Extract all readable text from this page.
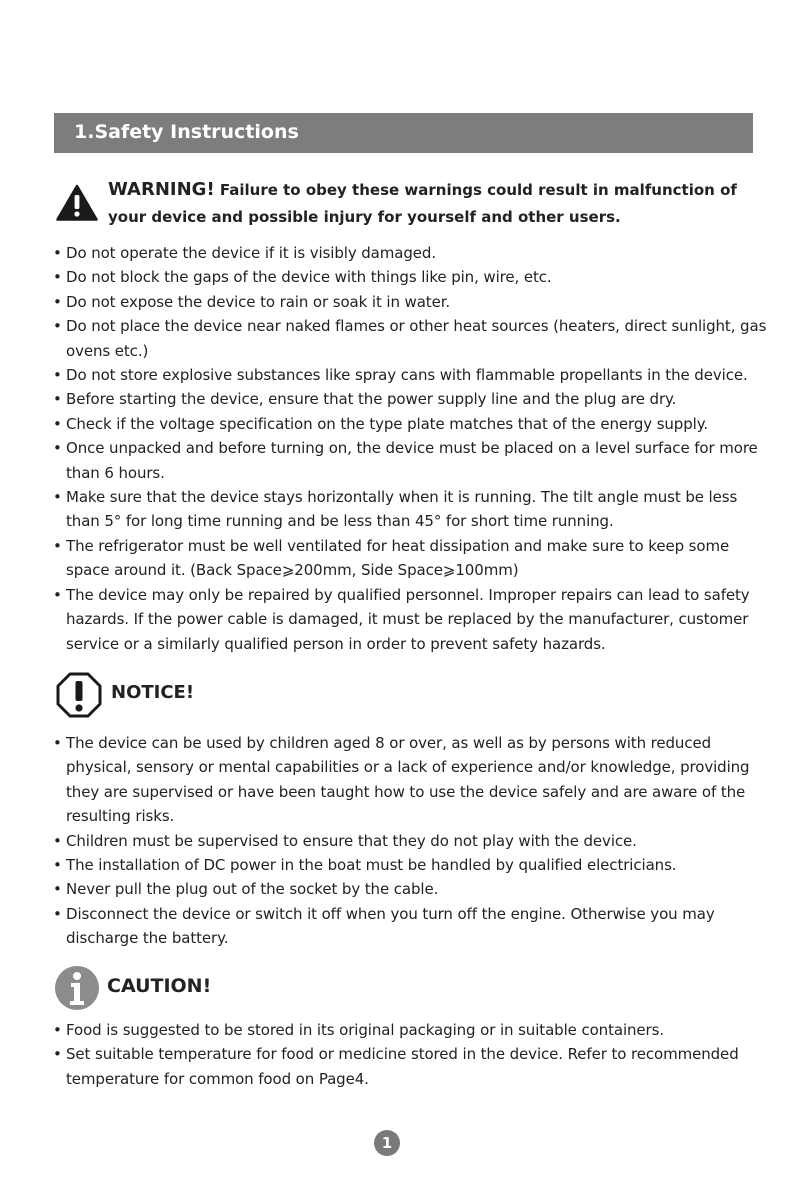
1.Safety Instructions
WARNING! Failure to obey these warnings could result in malfunction of your device and possible injury for yourself and other users.
• Do not operate the device if it is visibly damaged.
• Do not block the gaps of the device with things like pin, wire, etc.
• Do not expose the device to rain or soak it in water.
• Do not place the device near naked flames or other heat sources (heaters, direct sunlight, gas ovens etc.)
• Do not store explosive substances like spray cans with flammable propellants in the device.
• Before starting the device, ensure that the power supply line and the plug are dry.
• Check if the voltage specification on the type plate matches that of the energy supply.
• Once unpacked and before turning on, the device must be placed on a level surface for more than 6 hours.
• Make sure that the device stays horizontally when it is running. The tilt angle must be less than 5° for long time running and be less than 45° for short time running.
• The refrigerator must be well ventilated for heat dissipation and make sure to keep some space around it. (Back Space⩾200mm, Side Space⩾100mm)
• The device may only be repaired by qualified personnel. Improper repairs can lead to safety hazards. If the power cable is damaged, it must be replaced by the manufacturer, customer service or a similarly qualified person in order to prevent safety hazards.
NOTICE!
• The device can be used by children aged 8 or over, as well as by persons with reduced physical, sensory or mental capabilities or a lack of experience and/or knowledge, providing they are supervised or have been taught how to use the device safely and are aware of the resulting risks.
• Children must be supervised to ensure that they do not play with the device.
• The installation of DC power in the boat must be handled by qualified electricians.
• Never pull the plug out of the socket by the cable.
• Disconnect the device or switch it off when you turn off the engine. Otherwise you may discharge the battery.
CAUTION!
• Food is suggested to be stored in its original packaging or in suitable containers.
• Set suitable temperature for food or medicine stored in the device. Refer to recommended temperature for common food on Page4.
1
